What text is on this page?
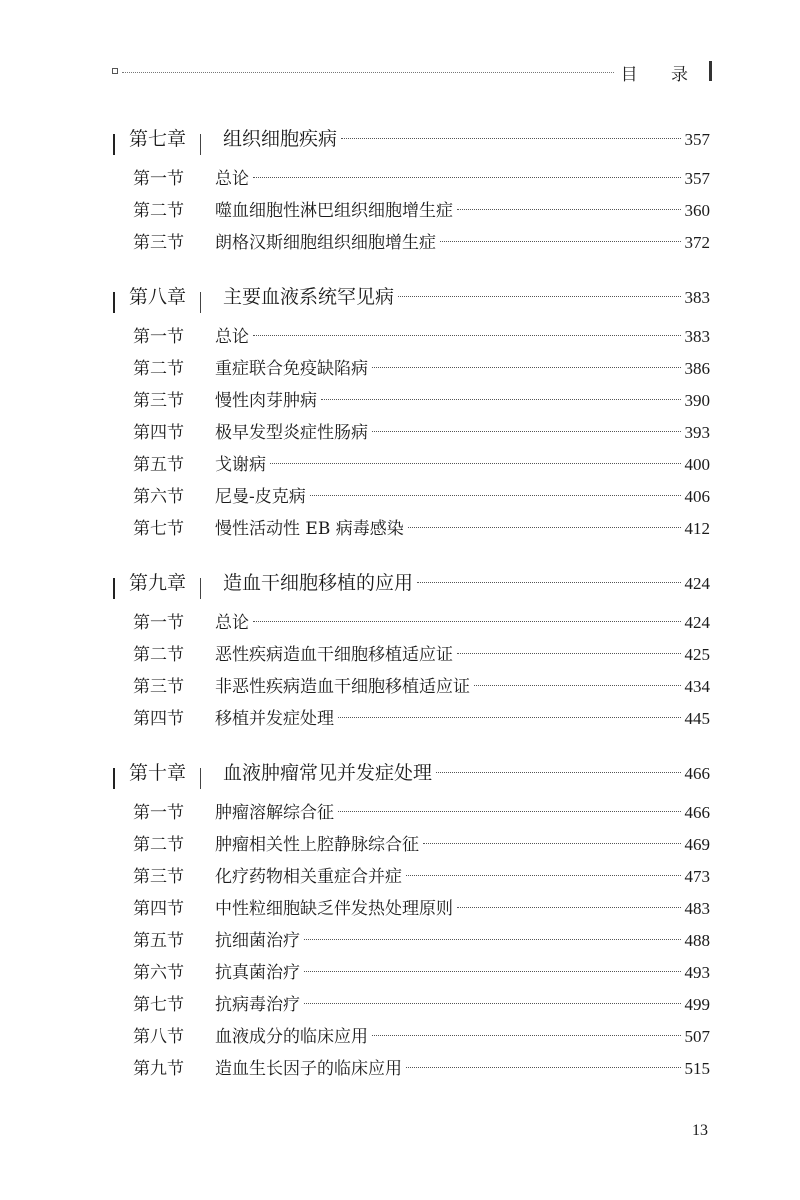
目 录
第七章 组织细胞疾病	357
第一节	总论	357
第二节	噬血细胞性淋巴组织细胞增生症	360
第三节	朗格汉斯细胞组织细胞增生症	372
第八章 主要血液系统罕见病	383
第一节	总论	383
第二节	重症联合免疫缺陷病	386
第三节	慢性肉芽肿病	390
第四节	极早发型炎症性肠病	393
第五节	戈谢病	400
第六节	尼曼-皮克病	406
第七节	慢性活动性 EB 病毒感染	412
第九章 造血干细胞移植的应用	424
第一节	总论	424
第二节	恶性疾病造血干细胞移植适应证	425
第三节	非恶性疾病造血干细胞移植适应证	434
第四节	移植并发症处理	445
第十章 血液肿瘤常见并发症处理	466
第一节	肿瘤溶解综合征	466
第二节	肿瘤相关性上腔静脉综合征	469
第三节	化疗药物相关重症合并症	473
第四节	中性粒细胞缺乏伴发热处理原则	483
第五节	抗细菌治疗	488
第六节	抗真菌治疗	493
第七节	抗病毒治疗	499
第八节	血液成分的临床应用	507
第九节	造血生长因子的临床应用	515
13
